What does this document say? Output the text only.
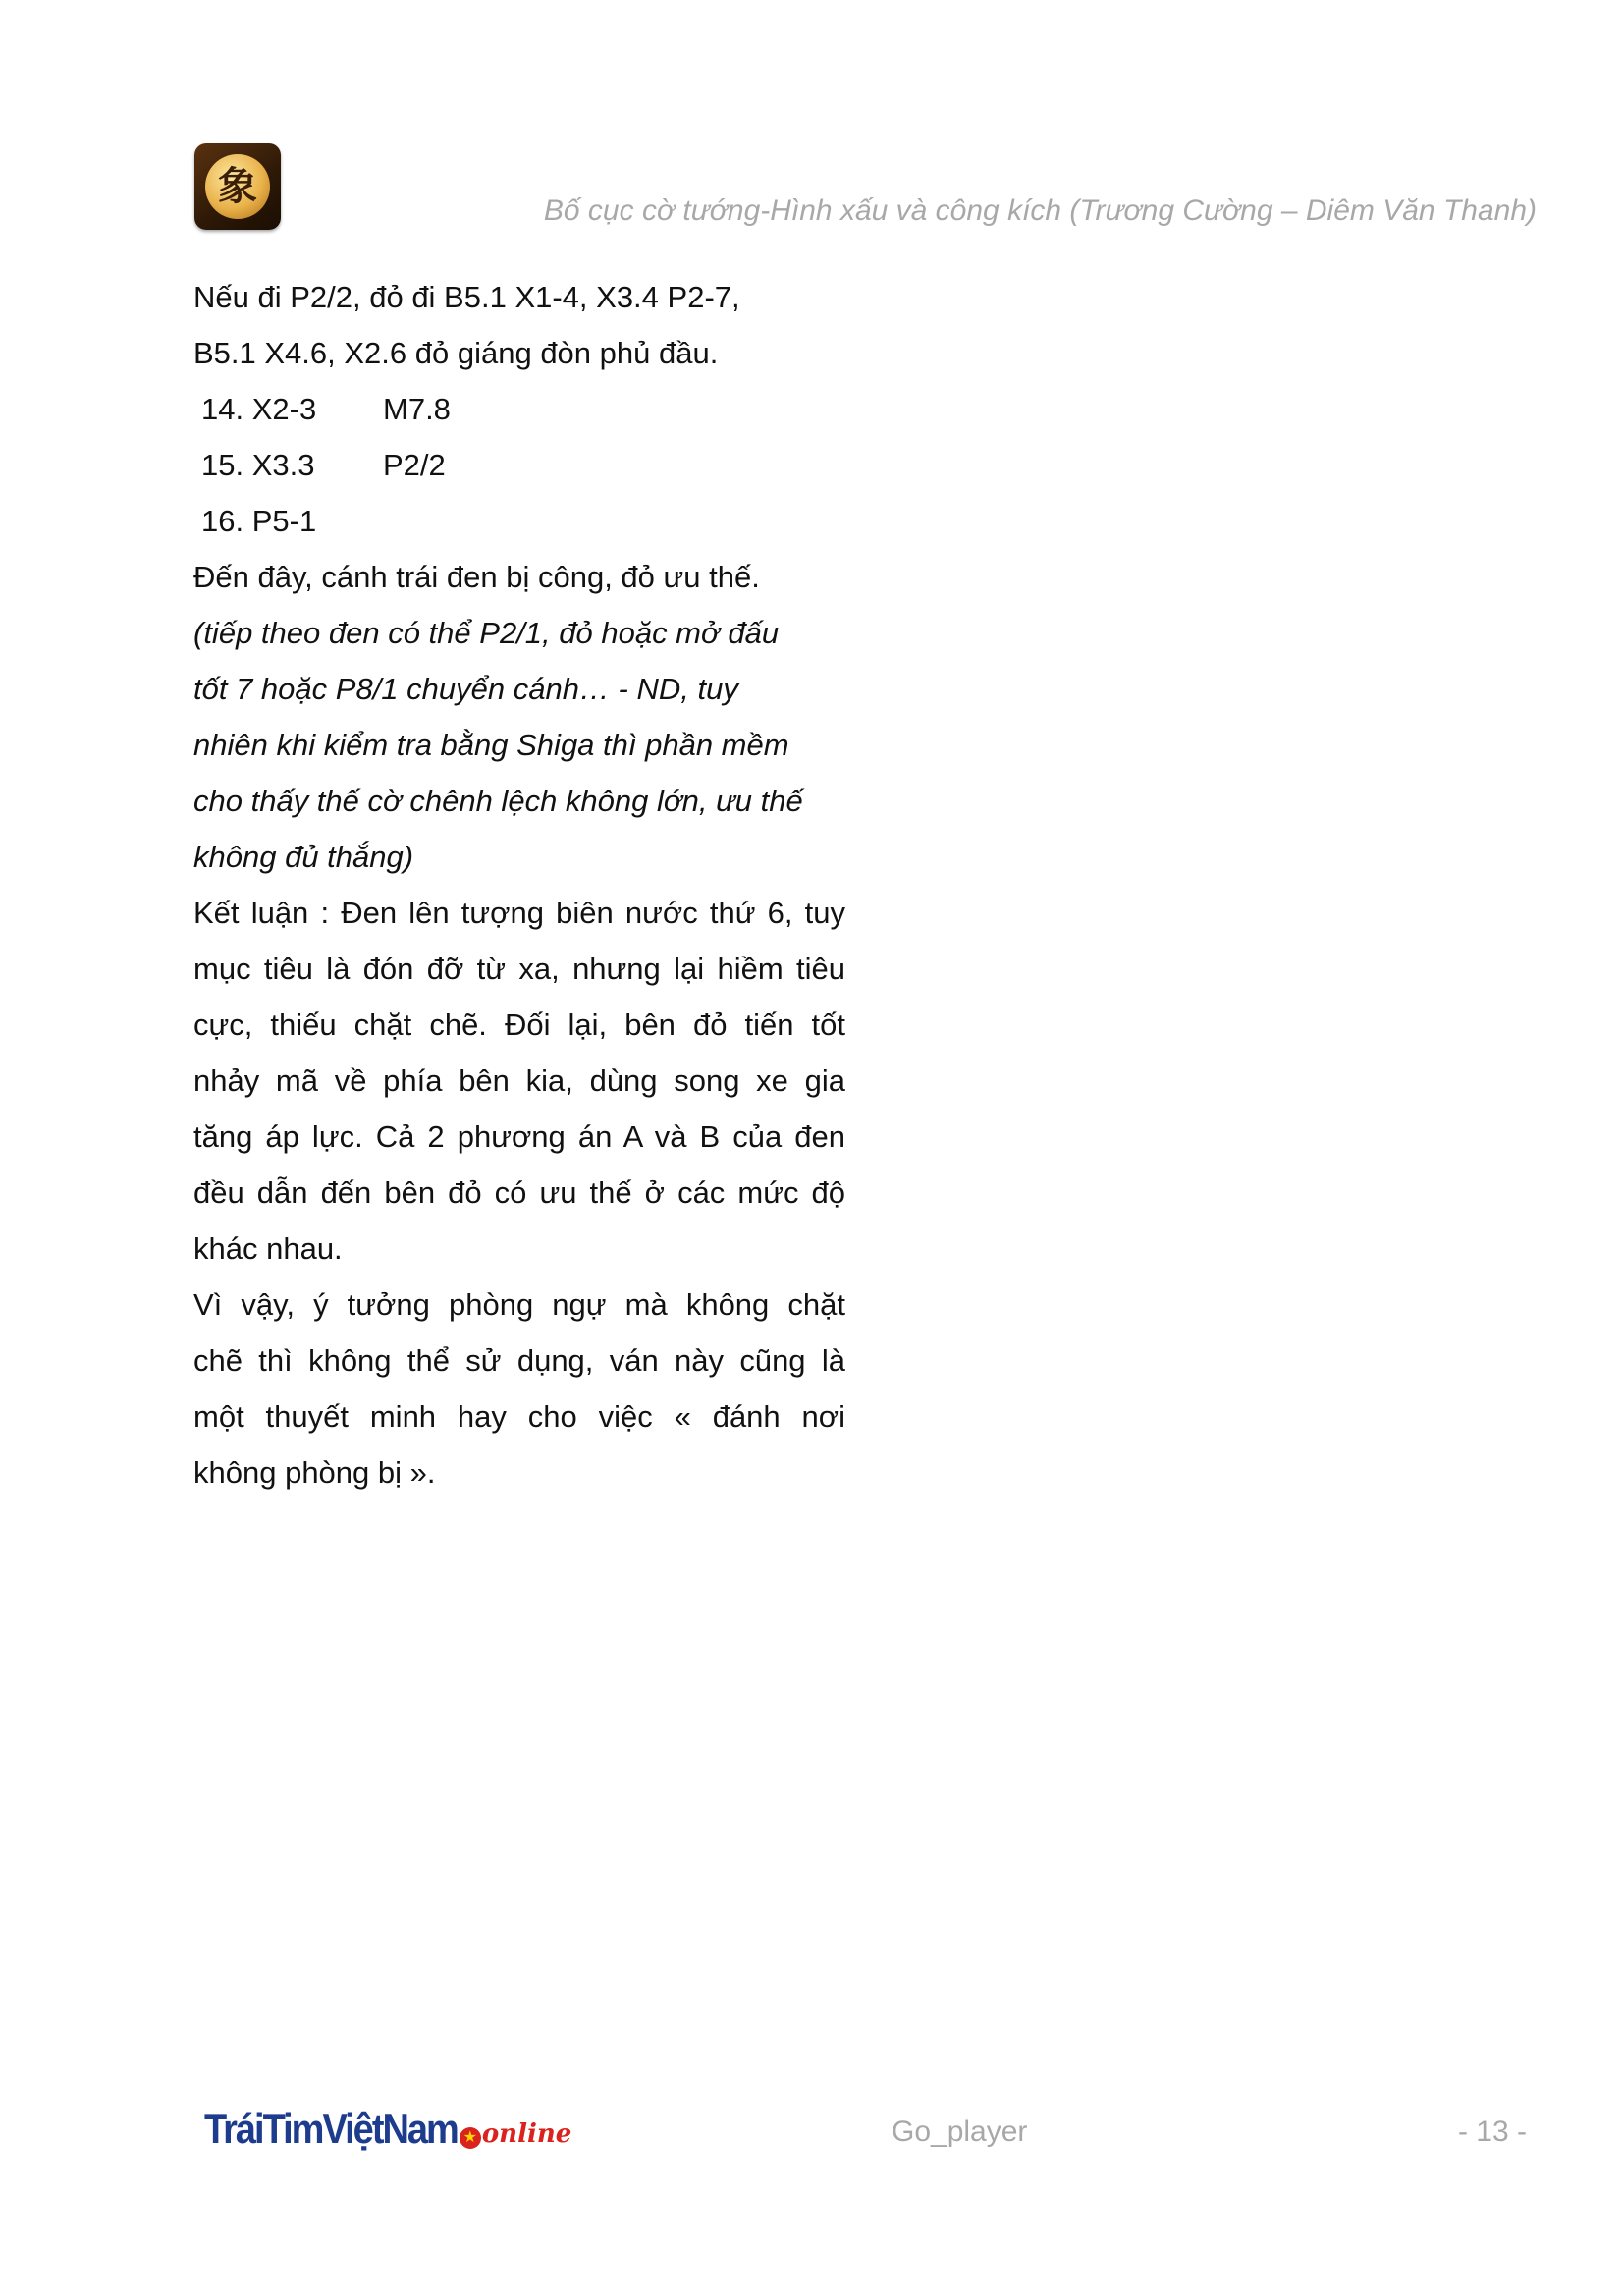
象
Bố cục cờ tướng-Hình xấu và công kích (Trương Cường – Diêm Văn Thanh)
Nếu đi P2/2, đỏ đi B5.1 X1-4, X3.4 P2-7,
B5.1 X4.6, X2.6 đỏ giáng đòn phủ đầu.
14. X2-3 M7.8
15. X3.3 P2/2
16. P5-1
Đến đây, cánh trái đen bị công, đỏ ưu thế.
(tiếp theo đen có thể P2/1, đỏ hoặc mở đấu
tốt 7 hoặc P8/1 chuyển cánh… - ND, tuy
nhiên khi kiểm tra bằng Shiga thì phần mềm
cho thấy thế cờ chênh lệch không lớn, ưu thế
không đủ thắng)
Kết luận : Đen lên tượng biên nước thứ 6, tuy
mục tiêu là đón đỡ từ xa, nhưng lại hiềm tiêu
cực, thiếu chặt chẽ. Đối lại, bên đỏ tiến tốt
nhảy mã về phía bên kia, dùng song xe gia
tăng áp lực. Cả 2 phương án A và B của đen
đều dẫn đến bên đỏ có ưu thế ở các mức độ
khác nhau.
Vì vậy, ý tưởng phòng ngự mà không chặt
chẽ thì không thể sử dụng, ván này cũng là
một thuyết minh hay cho việc « đánh nơi
không phòng bị ».
TráiTimViệtNam ★ online	Go_player	- 13 -
